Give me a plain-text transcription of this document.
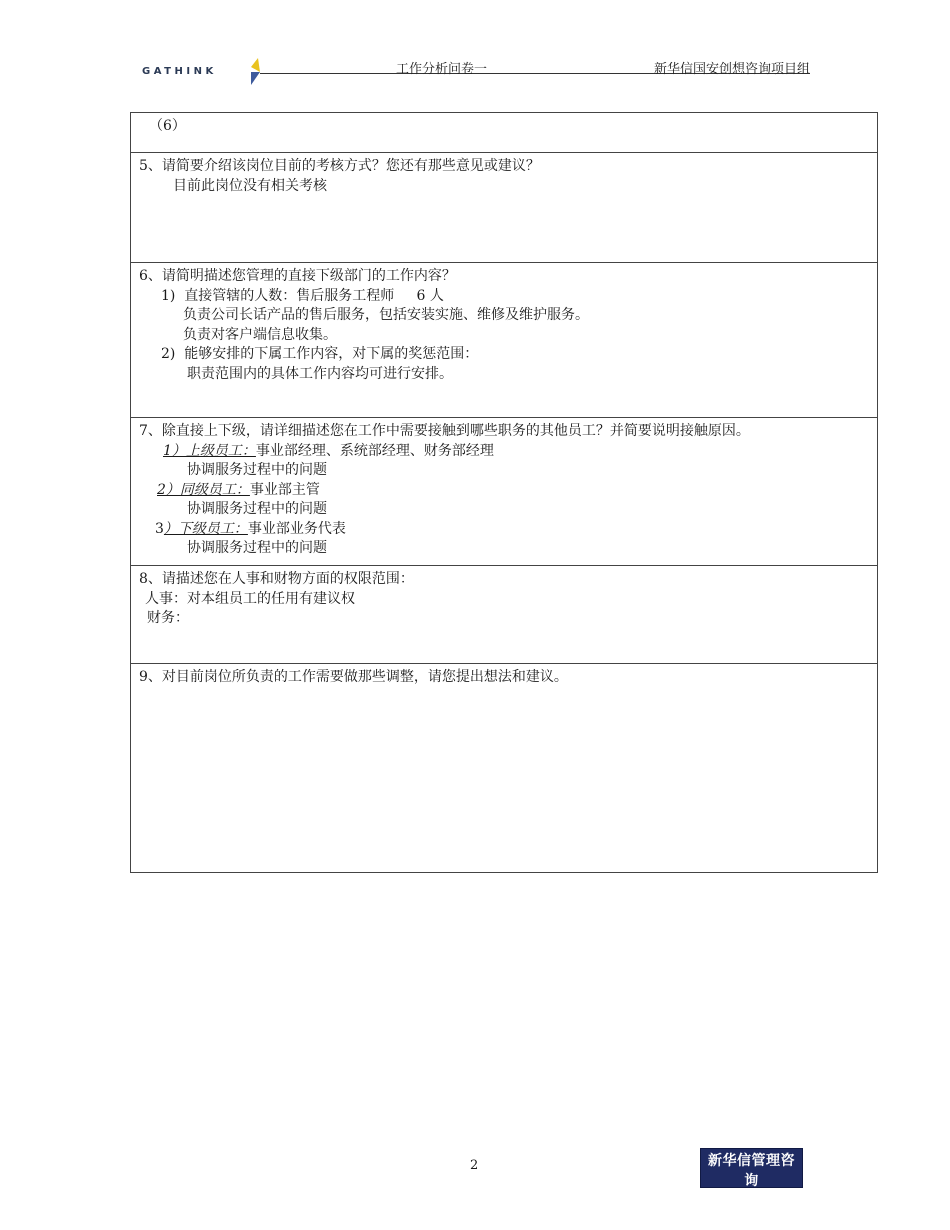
GATHINK	工作分析问卷一	新华信国安创想咨询项目组
（6）
5、请简要介绍该岗位目前的考核方式？您还有那些意见或建议？
目前此岗位没有相关考核
6、请简明描述您管理的直接下级部门的工作内容？
1)  直接管辖的人数：售后服务工程师     6 人
负责公司长话产品的售后服务，包括安装实施、维修及维护服务。
负责对客户端信息收集。
2)  能够安排的下属工作内容，对下属的奖惩范围：
职责范围内的具体工作内容均可进行安排。
7、除直接上下级，请详细描述您在工作中需要接触到哪些职务的其他员工？并简要说明接触原因。
1）上级员工：事业部经理、系统部经理、财务部经理
协调服务过程中的问题
2）同级员工：事业部主管
协调服务过程中的问题
3）下级员工：事业部业务代表
协调服务过程中的问题
8、请描述您在人事和财物方面的权限范围：
人事：对本组员工的任用有建议权
财务：
9、对目前岗位所负责的工作需要做那些调整，请您提出想法和建议。
2	新华信管理咨询
SINOTRUST
